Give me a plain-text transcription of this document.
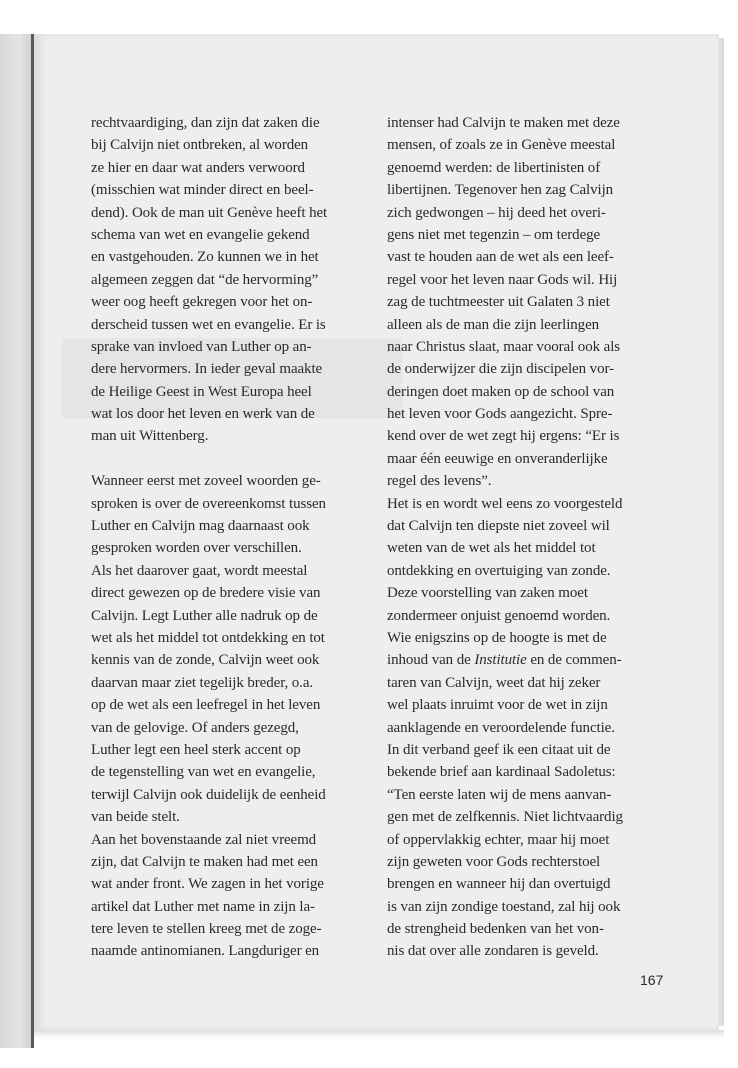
rechtvaardiging, dan zijn dat zaken die
bij Calvijn niet ontbreken, al worden
ze hier en daar wat anders verwoord
(misschien wat minder direct en beel-
dend). Ook de man uit Genève heeft het
schema van wet en evangelie gekend
en vastgehouden. Zo kunnen we in het
algemeen zeggen dat “de hervorming”
weer oog heeft gekregen voor het on-
derscheid tussen wet en evangelie. Er is
sprake van invloed van Luther op an-
dere hervormers. In ieder geval maakte
de Heilige Geest in West Europa heel
wat los door het leven en werk van de
man uit Wittenberg.
Wanneer eerst met zoveel woorden ge-
sproken is over de overeenkomst tussen
Luther en Calvijn mag daarnaast ook
gesproken worden over verschillen.
Als het daarover gaat, wordt meestal
direct gewezen op de bredere visie van
Calvijn. Legt Luther alle nadruk op de
wet als het middel tot ontdekking en tot
kennis van de zonde, Calvijn weet ook
daarvan maar ziet tegelijk breder, o.a.
op de wet als een leefregel in het leven
van de gelovige. Of anders gezegd,
Luther legt een heel sterk accent op
de tegenstelling van wet en evangelie,
terwijl Calvijn ook duidelijk de eenheid
van beide stelt.
Aan het bovenstaande zal niet vreemd
zijn, dat Calvijn te maken had met een
wat ander front. We zagen in het vorige
artikel dat Luther met name in zijn la-
tere leven te stellen kreeg met de zoge-
naamde antinomianen. Langduriger en
intenser had Calvijn te maken met deze
mensen, of zoals ze in Genève meestal
genoemd werden: de libertinisten of
libertijnen. Tegenover hen zag Calvijn
zich gedwongen – hij deed het overi-
gens niet met tegenzin – om terdege
vast te houden aan de wet als een leef-
regel voor het leven naar Gods wil. Hij
zag de tuchtmeester uit Galaten 3 niet
alleen als de man die zijn leerlingen
naar Christus slaat, maar vooral ook als
de onderwijzer die zijn discipelen vor-
deringen doet maken op de school van
het leven voor Gods aangezicht. Spre-
kend over de wet zegt hij ergens: “Er is
maar één eeuwige en onveranderlijke
regel des levens”.
Het is en wordt wel eens zo voorgesteld
dat Calvijn ten diepste niet zoveel wil
weten van de wet als het middel tot
ontdekking en overtuiging van zonde.
Deze voorstelling van zaken moet
zondermeer onjuist genoemd worden.
Wie enigszins op de hoogte is met de
inhoud van de Institutie en de commen-
taren van Calvijn, weet dat hij zeker
wel plaats inruimt voor de wet in zijn
aanklagende en veroordelende functie.
In dit verband geef ik een citaat uit de
bekende brief aan kardinaal Sadoletus:
“Ten eerste laten wij de mens aanvan-
gen met de zelfkennis. Niet lichtvaardig
of oppervlakkig echter, maar hij moet
zijn geweten voor Gods rechterstoel
brengen en wanneer hij dan overtuigd
is van zijn zondige toestand, zal hij ook
de strengheid bedenken van het von-
nis dat over alle zondaren is geveld.
167
